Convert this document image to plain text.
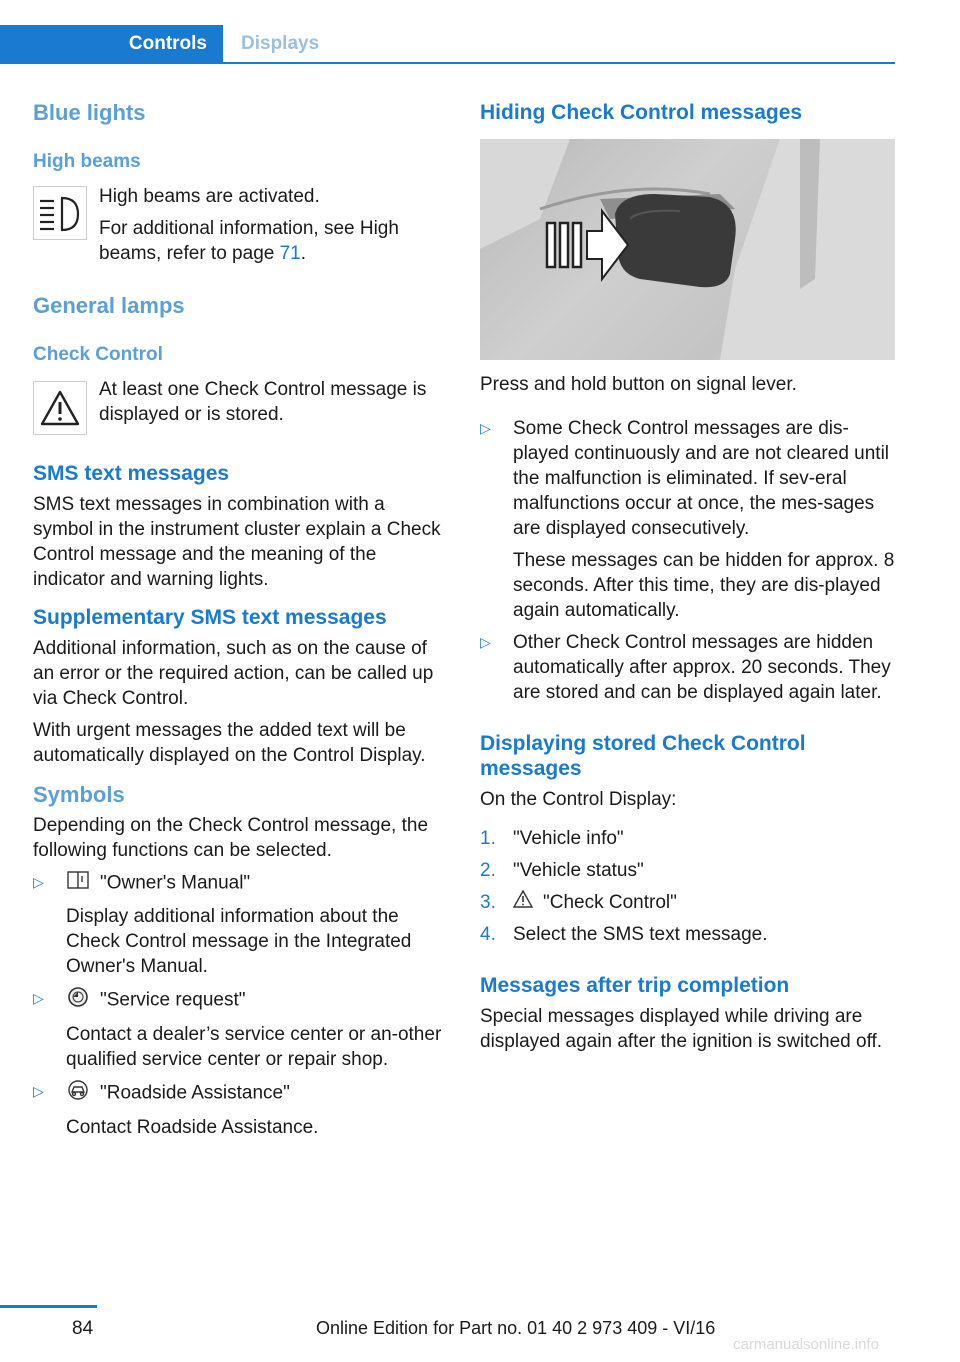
Controls	Displays
Blue lights
High beams

High beams are activated.

For additional information, see High beams, refer to page 71.

General lamps
Check Control

At least one Check Control message is displayed or is stored.

SMS text messages

SMS text messages in combination with a symbol in the instrument cluster explain a Check Control message and the meaning of the indicator and warning lights.

Supplementary SMS text messages

Additional information, such as on the cause of an error or the required action, can be called up via Check Control.

With urgent messages the added text will be automatically displayed on the Control Display.

Symbols

Depending on the Check Control message, the following functions can be selected.

▷	"Owner's Manual"

Display additional information about the Check Control message in the Integrated Owner's Manual.

▷	"Service request"

Contact a dealer’s service center or an-other qualified service center or repair shop.

▷	"Roadside Assistance"

Contact Roadside Assistance.

Hiding Check Control messages

Press and hold button on signal lever.

▷ Some Check Control messages are dis-played continuously and are not cleared until the malfunction is eliminated. If sev-eral malfunctions occur at once, the mes-sages are displayed consecutively.

These messages can be hidden for approx. 8 seconds. After this time, they are dis-played again automatically.

▷ Other Check Control messages are hidden automatically after approx. 20 seconds. They are stored and can be displayed again later.

Displaying stored Check Control messages

On the Control Display:

1. "Vehicle info"
2. "Vehicle status"
3. "Check Control"
4. Select the SMS text message.
Messages after trip completion

Special messages displayed while driving are displayed again after the ignition is switched off.

84	Online Edition for Part no. 01 40 2 973 409 - VI/16
carmanualsonline.info
